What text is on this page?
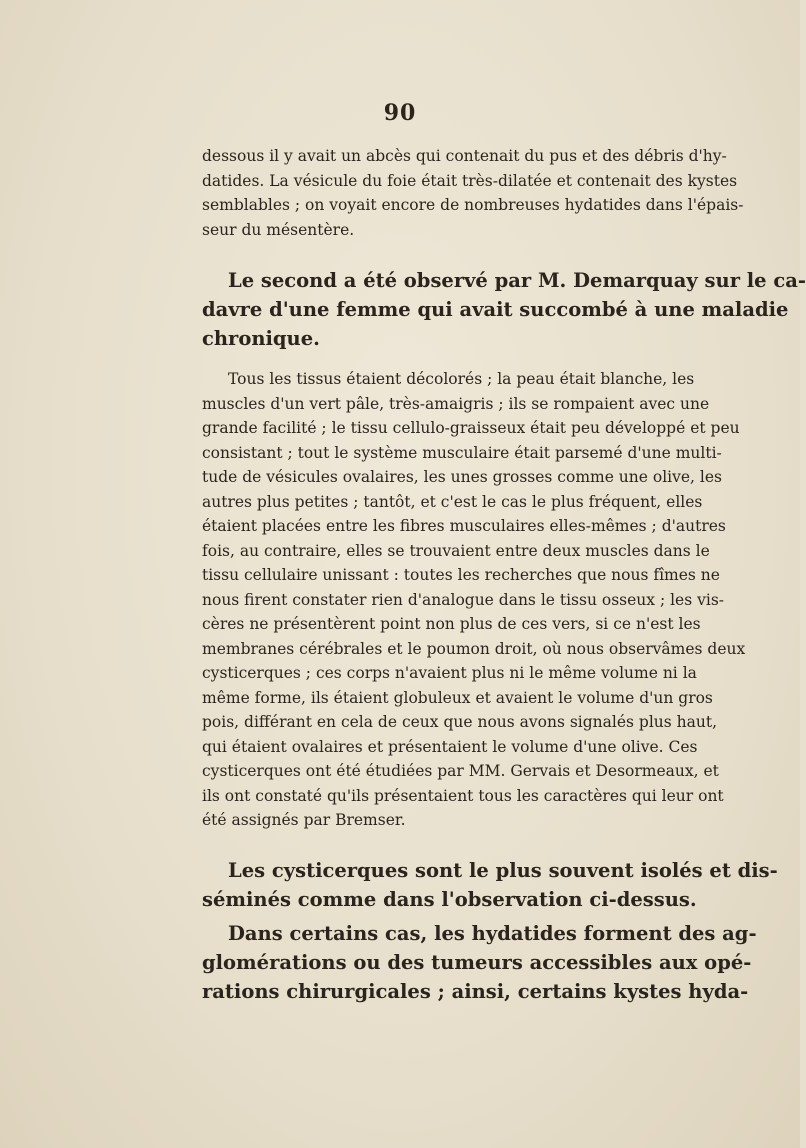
90
dessous il y avait un abcès qui contenait du pus et des débris d'hy-
datides. La vésicule du foie était très-dilatée et contenait des kystes
semblables ; on voyait encore de nombreuses hydatides dans l'épais-
seur du mésentère.
Le second a été observé par M. Demarquay sur le ca-
davre d'une femme qui avait succombé à une maladie
chronique.
Tous les tissus étaient décolorés ; la peau était blanche, les
muscles d'un vert pâle, très-amaigris ; ils se rompaient avec une
grande facilité ; le tissu cellulo-graisseux était peu développé et peu
consistant ; tout le système musculaire était parsemé d'une multi-
tude de vésicules ovalaires, les unes grosses comme une olive, les
autres plus petites ; tantôt, et c'est le cas le plus fréquent, elles
étaient placées entre les fibres musculaires elles-mêmes ; d'autres
fois, au contraire, elles se trouvaient entre deux muscles dans le
tissu cellulaire unissant : toutes les recherches que nous fîmes ne
nous firent constater rien d'analogue dans le tissu osseux ; les vis-
cères ne présentèrent point non plus de ces vers, si ce n'est les
membranes cérébrales et le poumon droit, où nous observâmes deux
cysticerques ; ces corps n'avaient plus ni le même volume ni la
même forme, ils étaient globuleux et avaient le volume d'un gros
pois, différant en cela de ceux que nous avons signalés plus haut,
qui étaient ovalaires et présentaient le volume d'une olive. Ces
cysticerques ont été étudiées par MM. Gervais et Desormeaux, et
ils ont constaté qu'ils présentaient tous les caractères qui leur ont
été assignés par Bremser.
Les cysticerques sont le plus souvent isolés et dis-
séminés comme dans l'observation ci-dessus.
Dans certains cas, les hydatides forment des ag-
glomérations ou des tumeurs accessibles aux opé-
rations chirurgicales ; ainsi, certains kystes hyda-
